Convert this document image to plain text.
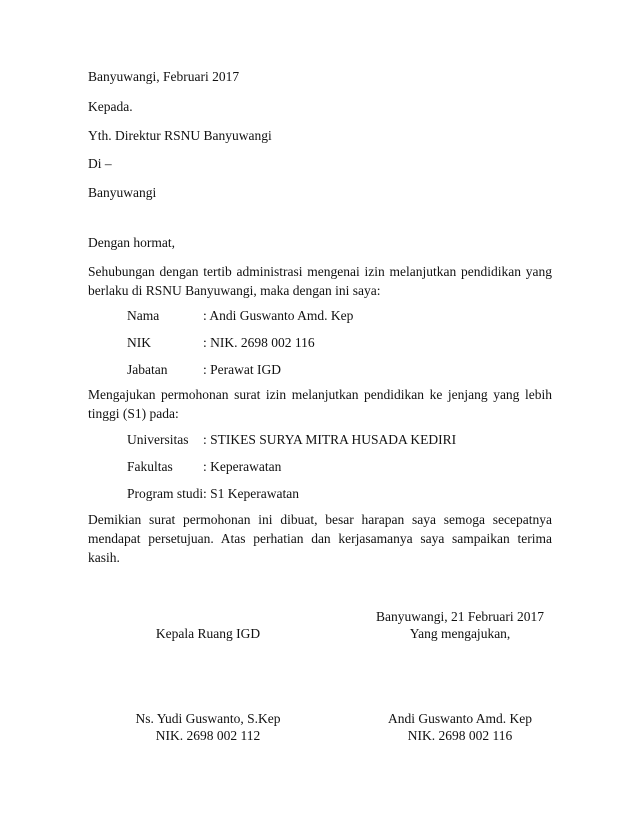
Banyuwangi, Februari 2017
Kepada.
Yth. Direktur RSNU Banyuwangi
Di –
Banyuwangi
Dengan hormat,
Sehubungan dengan tertib administrasi mengenai izin melanjutkan pendidikan yang berlaku di RSNU Banyuwangi, maka dengan ini saya:
Nama	: Andi Guswanto Amd. Kep
NIK	: NIK. 2698 002 116
Jabatan	: Perawat IGD
Mengajukan permohonan surat izin melanjutkan pendidikan ke jenjang yang lebih tinggi (S1) pada:
Universitas : STIKES SURYA MITRA HUSADA KEDIRI
Fakultas : Keperawatan
Program studi: S1 Keperawatan
Demikian surat permohonan ini dibuat, besar harapan saya semoga secepatnya mendapat persetujuan. Atas perhatian dan kerjasamanya saya sampaikan terima kasih.
Banyuwangi, 21 Februari 2017
Yang mengajukan,
Andi Guswanto Amd. Kep
NIK. 2698 002 116
Kepala Ruang IGD
Ns. Yudi Guswanto, S.Kep
NIK. 2698 002 112
